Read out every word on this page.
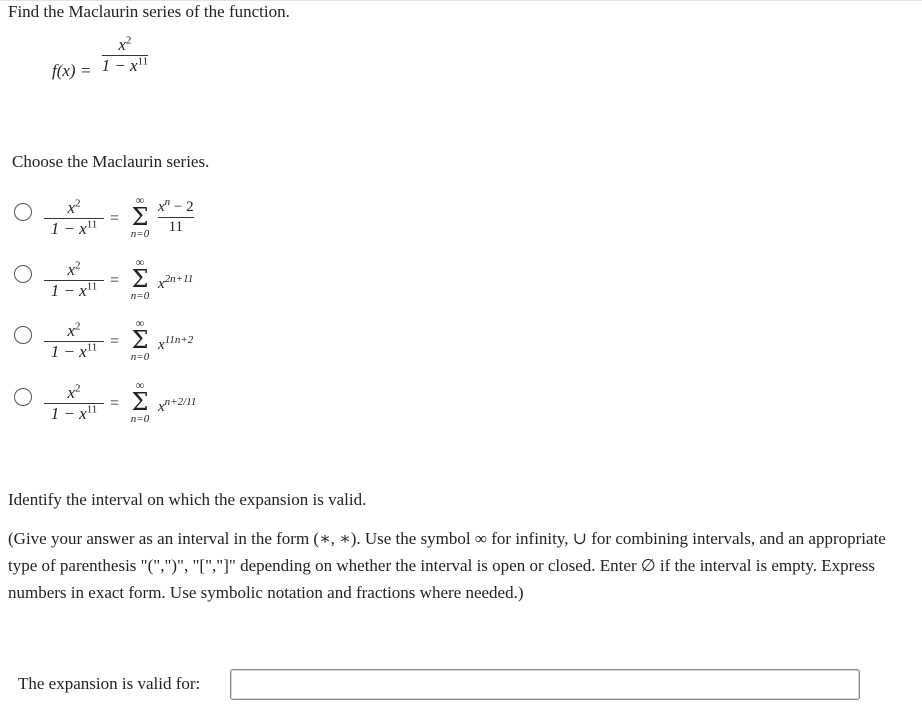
Find the Maclaurin series of the function.
$f(x) = \frac{x^2}{1 - x^{11}}$
Choose the Maclaurin series.
$x^2$
$1 - x^{11}$ =
∞
Σ
$n=0 \frac{x^n - 2}{11}$
$x^2$
$1 - x^{11}$ =
∞
Σ
n=0
$x^{2n+11}$
$x^2$
$1 - x^{11}$ =
∞
Σ
n=0
$x^{11n+2}$
$x^2$
$1 - x^{11}$ =
∞
Σ
n=0
$x^{n+2/11}$
Identify the interval on which the expansion is valid.
(Give your answer as an interval in the form (∗, ∗). Use the symbol ∞ for infinity, ∪ for combining intervals, and an appropriate type of parenthesis "(",")", "[","]" depending on whether the interval is open or closed. Enter ∅ if the interval is empty. Express numbers in exact form. Use symbolic notation and fractions where needed.)
The expansion is valid for:
